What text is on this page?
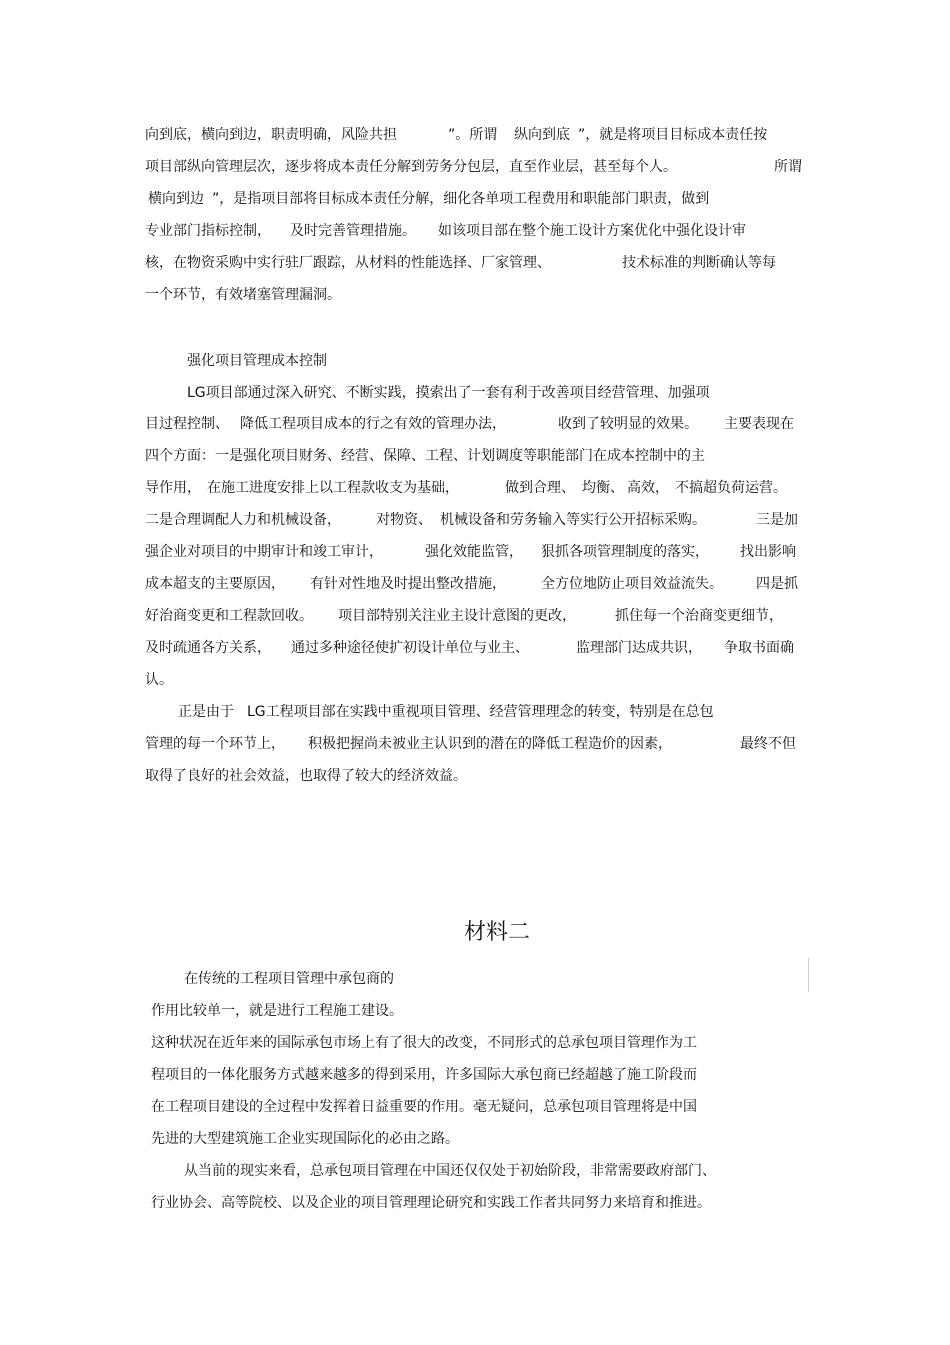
向到底，横向到边，职责明确，风险共担	”。所谓 纵向到底 ”，就是将项目目标成本责任按
项目部纵向管理层次，逐步将成本责任分解到劳务分包层，直至作业层，甚至每个人。	所谓
横向到边 ”，是指项目部将目标成本责任分解，细化各单项工程费用和职能部门职责，做到
专业部门指标控制， 及时完善管理措施。 如该项目部在整个施工设计方案优化中强化设计审
核，在物资采购中实行驻厂跟踪，从材料的性能选择、厂家管理、	技术标准的判断确认等每
一个环节，有效堵塞管理漏洞。
强化项目管理成本控制
LG项目部通过深入研究、不断实践，摸索出了一套有利于改善项目经营管理、加强项
目过程控制、 降低工程项目成本的行之有效的管理办法，	收到了较明显的效果。 主要表现在
四个方面：一是强化项目财务、经营、保障、工程、计划调度等职能部门在成本控制中的主
导作用， 在施工进度安排上以工程款收支为基础，	做到合理、 均衡、 高效， 不搞超负荷运营。
二是合理调配人力和机械设备，	对物资、 机械设备和劳务输入等实行公开招标采购。	三是加
强企业对项目的中期审计和竣工审计，	强化效能监管， 狠抓各项管理制度的落实， 找出影响
成本超支的主要原因， 有针对性地及时提出整改措施，	全方位地防止项目效益流失。 四是抓
好治商变更和工程款回收。 项目部特别关注业主设计意图的更改，	抓住每一个治商变更细节，
及时疏通各方关系， 通过多种途径使扩初设计单位与业主、	监理部门达成共识， 争取书面确
认。
正是由于 LG工程项目部在实践中重视项目管理、经营管理理念的转变，特别是在总包
管理的每一个环节上， 积极把握尚未被业主认识到的潜在的降低工程造价的因素，	最终不但
取得了良好的社会效益，也取得了较大的经济效益。
材料二
在传统的工程项目管理中承包商的
作用比较单一，就是进行工程施工建设。
这种状况在近年来的国际承包市场上有了很大的改变，不同形式的总承包项目管理作为工
程项目的一体化服务方式越来越多的得到采用，许多国际大承包商已经超越了施工阶段而
在工程项目建设的全过程中发挥着日益重要的作用。毫无疑问，总承包项目管理将是中国
先进的大型建筑施工企业实现国际化的必由之路。
从当前的现实来看，总承包项目管理在中国还仅仅处于初始阶段，非常需要政府部门、
行业协会、高等院校、以及企业的项目管理理论研究和实践工作者共同努力来培育和推进。
